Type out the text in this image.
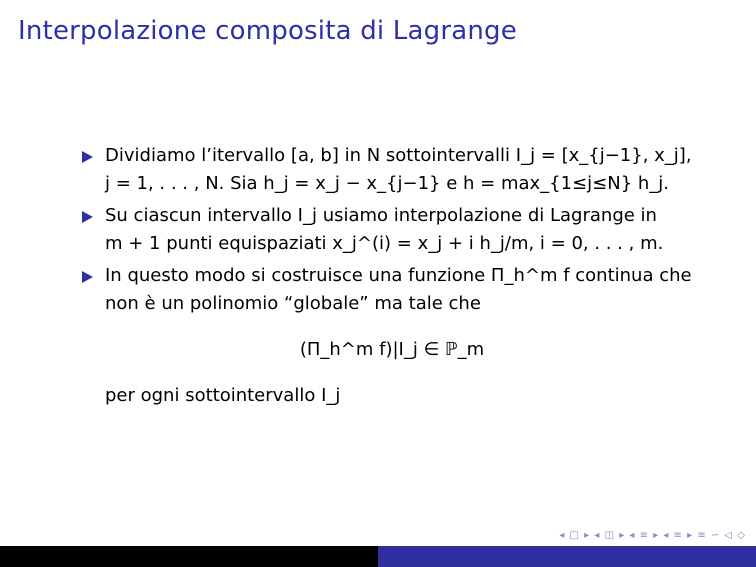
Interpolazione composita di Lagrange
Dividiamo l’itervallo [a, b] in N sottointervalli I_j = [x_{j−1}, x_j],
j = 1, . . . , N. Sia h_j = x_j − x_{j−1} e h = max_{1≤j≤N} h_j.
Su ciascun intervallo I_j usiamo interpolazione di Lagrange in
m + 1 punti equispaziati x_j^(i) = x_j + i h_j/m, i = 0, . . . , m.
In questo modo si costruisce una funzione Π_h^m f continua che
non è un polinomio “globale” ma tale che
(Π_h^m f)|I_j ∈ ℙ_m
per ogni sottointervallo I_j
◂ □ ▸ ◂ ◫ ▸ ◂ ≡ ▸ ◂ ≡ ▸ ≡ ∽ ◁ ◇
